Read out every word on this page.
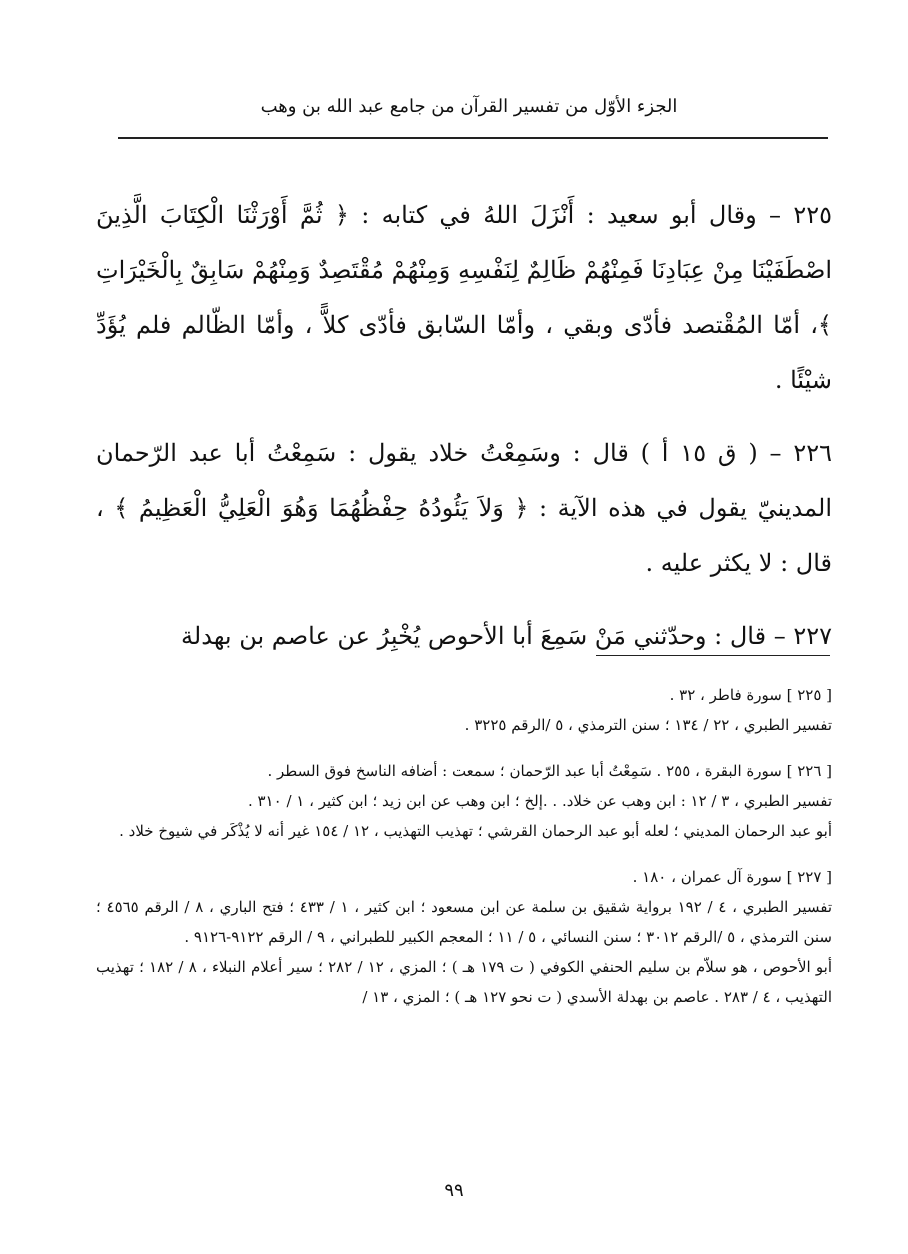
الجزء الأوّل من تفسير القرآن من جامع عبد الله بن وهب

٢٢٥ – وقال أبو سعيد : أَنْزَلَ اللهُ في كتابه : ﴿ ثُمَّ أَوْرَثْنَا الْكِتَابَ الَّذِينَ اصْطَفَيْنَا مِنْ عِبَادِنَا فَمِنْهُمْ ظَالِمٌ لِنَفْسِهِ وَمِنْهُمْ مُقْتَصِدٌ وَمِنْهُمْ سَابِقٌ بِالْخَيْرَاتِ ﴾، أمّا المُقْتصد فأدّى وبقي ، وأمّا السّابق فأدّى كلاًّ ، وأمّا الظّالم فلم يُؤَدِّ شيْئًا .

٢٢٦ – ( ق ١٥ أ ) قال : وسَمِعْتُ خلاد يقول : سَمِعْتُ أبا عبد الرّحمان المدينيّ يقول في هذه الآية : ﴿ وَلاَ يَئُودُهُ حِفْظُهُمَا وَهُوَ الْعَلِيُّ الْعَظِيمُ ﴾ ، قال : لا يكثر عليه .

٢٢٧ – قال : وحدّثني مَنْ سَمِعَ أبا الأحوص يُخْبِرُ عن عاصم بن بهدلة

[ ٢٢٥ ] سورة فاطر ، ٣٢ .
تفسير الطبري ، ٢٢ / ١٣٤ ؛ سنن الترمذي ، ٥ /الرقم ٣٢٢٥ .
[ ٢٢٦ ] سورة البقرة ، ٢٥٥ . سَمِعْتُ أبا عبد الرّحمان ؛ سمعت : أضافه الناسخ فوق السطر .
تفسير الطبري ، ٣ / ١٢ : ابن وهب عن خلاد. . .إلخ ؛ ابن وهب عن ابن زيد ؛ ابن كثير ، ١ / ٣١٠ .
أبو عبد الرحمان المديني ؛ لعله أبو عبد الرحمان القرشي ؛ تهذيب التهذيب ، ١٢ / ١٥٤ غير أنه لا يُذْكَر في شيوخ خلاد .
[ ٢٢٧ ] سورة آل عمران ، ١٨٠ .
تفسير الطبري ، ٤ / ١٩٢ برواية شقيق بن سلمة عن ابن مسعود ؛ ابن كثير ، ١ / ٤٣٣ ؛ فتح الباري ، ٨ / الرقم ٤٥٦٥ ؛ سنن الترمذي ، ٥ /الرقم ٣٠١٢ ؛ سنن النسائي ، ٥ / ١١ ؛ المعجم الكبير للطبراني ، ٩ / الرقم ٩١٢٢-٩١٢٦ .
أبو الأحوص ، هو سلاّم بن سليم الحنفي الكوفي ( ت ١٧٩ هـ ) ؛ المزي ، ١٢ / ٢٨٢ ؛ سير أعلام النبلاء ، ٨ / ١٨٢ ؛ تهذيب التهذيب ، ٤ / ٢٨٣ . عاصم بن بهدلة الأسدي ( ت نحو ١٢٧ هـ ) ؛ المزي ، ١٣ /
٩٩
